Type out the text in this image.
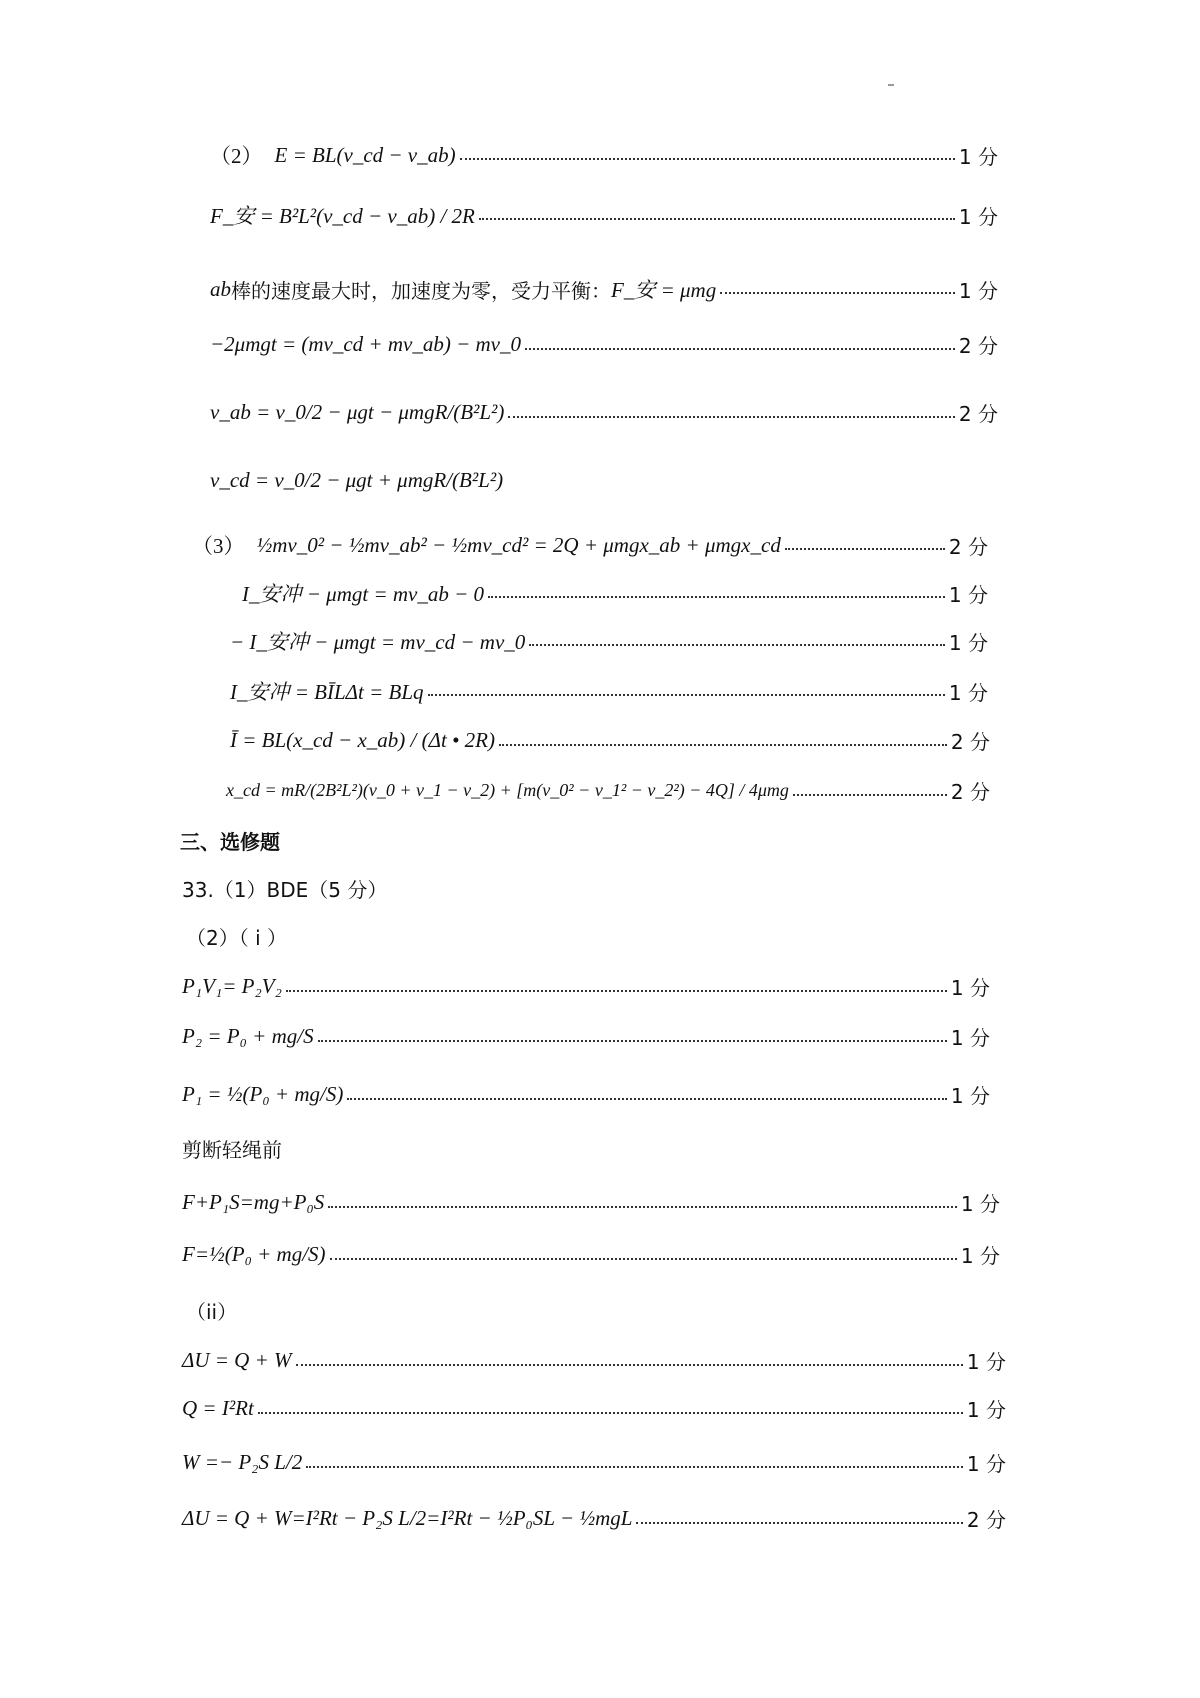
（2） E = BL(v_cd − v_ab)	1 分
F_安 = B²L²(v_cd − v_ab) / 2R	1 分
ab 棒的速度最大时，加速度为零，受力平衡： F_安 = μmg	1 分
−2μmgt = (mv_cd + mv_ab) − mv_0	2 分
v_ab = v_0/2 − μgt − μmgR/(B²L²)	2 分
v_cd = v_0/2 − μgt + μmgR/(B²L²)
（3） ½mv_0² − ½mv_ab² − ½mv_cd² = 2Q + μmgx_ab + μmgx_cd	2 分
I_安冲 − μmgt = mv_ab − 0	1 分
− I_安冲 − μmgt = mv_cd − mv_0	1 分
I_安冲 = BĪLΔt = BLq	1 分
Ī = BL(x_cd − x_ab) / (Δt • 2R)	2 分
x_cd = mR/(2B²L²)(v_0 + v_1 − v_2) + [m(v_0² − v_1² − v_2²) − 4Q] / 4μmg	2 分
三、选修题
33.（1）BDE（5 分）
（2）（ i ）
P₁V₁= P₂V₂	1 分
P₂ = P₀ + mg/S	1 分
P₁ = ½(P₀ + mg/S)	1 分
剪断轻绳前
F+P₁S=mg+P₀S	1 分
F=½(P₀ + mg/S)	1 分
（ii）
ΔU = Q + W	1 分
Q = I²Rt	1 分
W =− P₂S L/2	1 分
ΔU = Q + W=I²Rt − P₂S L/2=I²Rt − ½P₀SL − ½mgL	2 分
